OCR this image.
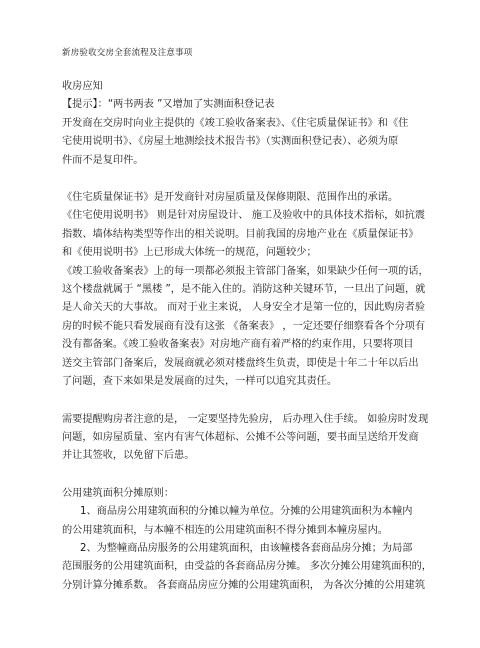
新房验收交房全套流程及注意事项
收房应知
【提示】：“两书两表 ”又增加了实测面积登记表
开发商在交房时向业主提供的《竣工验收备案表》、《住宅质量保证书》和《住
宅使用说明书》、《房屋土地测绘技术报告书》（实测面积登记表）、必须为原
件而不是复印件。
《住宅质量保证书》是开发商针对房屋质量及保修期限、范围作出的承诺。
《住宅使用说明书》 则是针对房屋设计、 施工及验收中的具体技术指标，如抗震
指数、墙体结构类型等作出的相关说明。目前我国的房地产业在《质量保证书》
和《使用说明书》上已形成大体统一的规范，问题较少；
《竣工验收备案表》上的每一项都必须报主管部门备案，如果缺少任何一项的话，
这个楼盘就属于 “黑楼 ”，是不能入住的。消防这种关键环节，一旦出了问题，就
是人命关天的大事故。 而对于业主来说， 人身安全才是第一位的，因此购房者验
房的时候不能只看发展商有没有这张 《备案表》 ，一定还要仔细察看各个分项有
没有都备案。《竣工验收备案表》对房地产商有着严格的约束作用，只要将项目
送交主管部门备案后，发展商就必须对楼盘终生负责，即使是十年二十年以后出
了问题，查下来如果是发展商的过失，一样可以追究其责任。
需要提醒购房者注意的是， 一定要坚持先验房， 后办理入住手续。 如验房时发现
问题，如房屋质量、室内有害气体超标、公摊不公等问题，要书面呈送给开发商
并让其签收，以免留下后患。
公用建筑面积分摊原则：
1、商品房公用建筑面积的分摊以幢为单位。分摊的公用建筑面积为本幢内
的公用建筑面积，与本幢不相连的公用建筑面积不得分摊到本幢房屋内。
2、为整幢商品房服务的公用建筑面积，由该幢楼各套商品房分摊；为局部
范围服务的公用建筑面积，由受益的各套商品房分摊。 多次分摊公用建筑面积的，
分别计算分摊系数。 各套商品房应分摊的公用建筑面积， 为各次分摊的公用建筑
